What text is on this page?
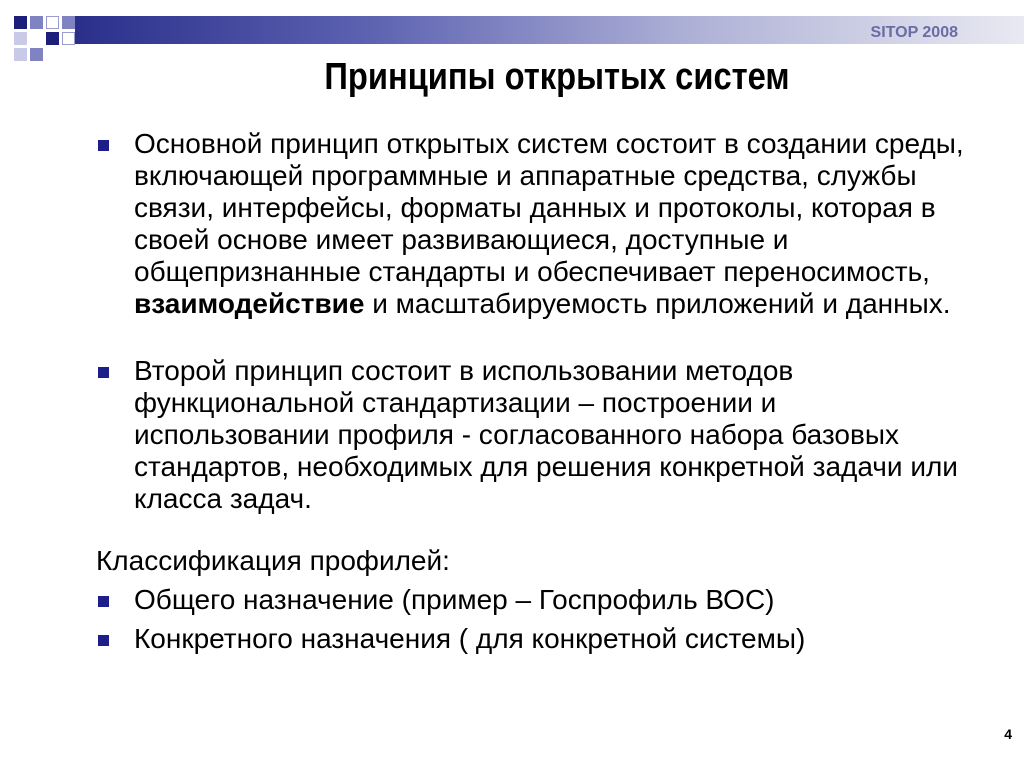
SITOP 2008
Принципы открытых систем

Основной принцип открытых систем состоит в создании среды, включающей программные и аппаратные средства, службы связи, интерфейсы, форматы данных и протоколы, которая в своей основе имеет развивающиеся, доступные и общепризнанные стандарты и обеспечивает переносимость, взаимодействие и масштабируемость приложений и данных.

Второй принцип состоит в использовании методов функциональной стандартизации – построении и использовании профиля - согласованного набора базовых стандартов, необходимых для решения конкретной задачи или класса задач.

Классификация профилей:

Общего назначение (пример – Госпрофиль ВОС)

Конкретного назначения ( для конкретной системы)

4
